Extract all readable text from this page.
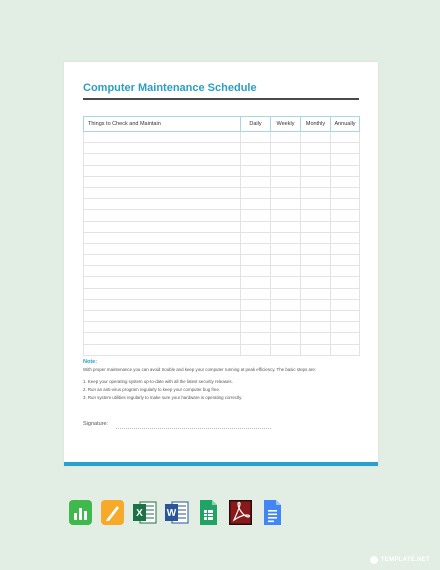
Computer Maintenance Schedule
Things to Check and Maintain	Daily	Weekly	Monthly	Annually

Note:
With proper maintenance you can avoid trouble and keep your computer running at peak efficiency. The basic steps are:
1. Keep your operating system up-to-date with all the latest security releases.
2. Run an anti-virus program regularly to keep your computer bug free.
3. Run system utilities regularly to make sure your hardware is operating correctly.
Signature:
X W
TEMPLATE.NET
